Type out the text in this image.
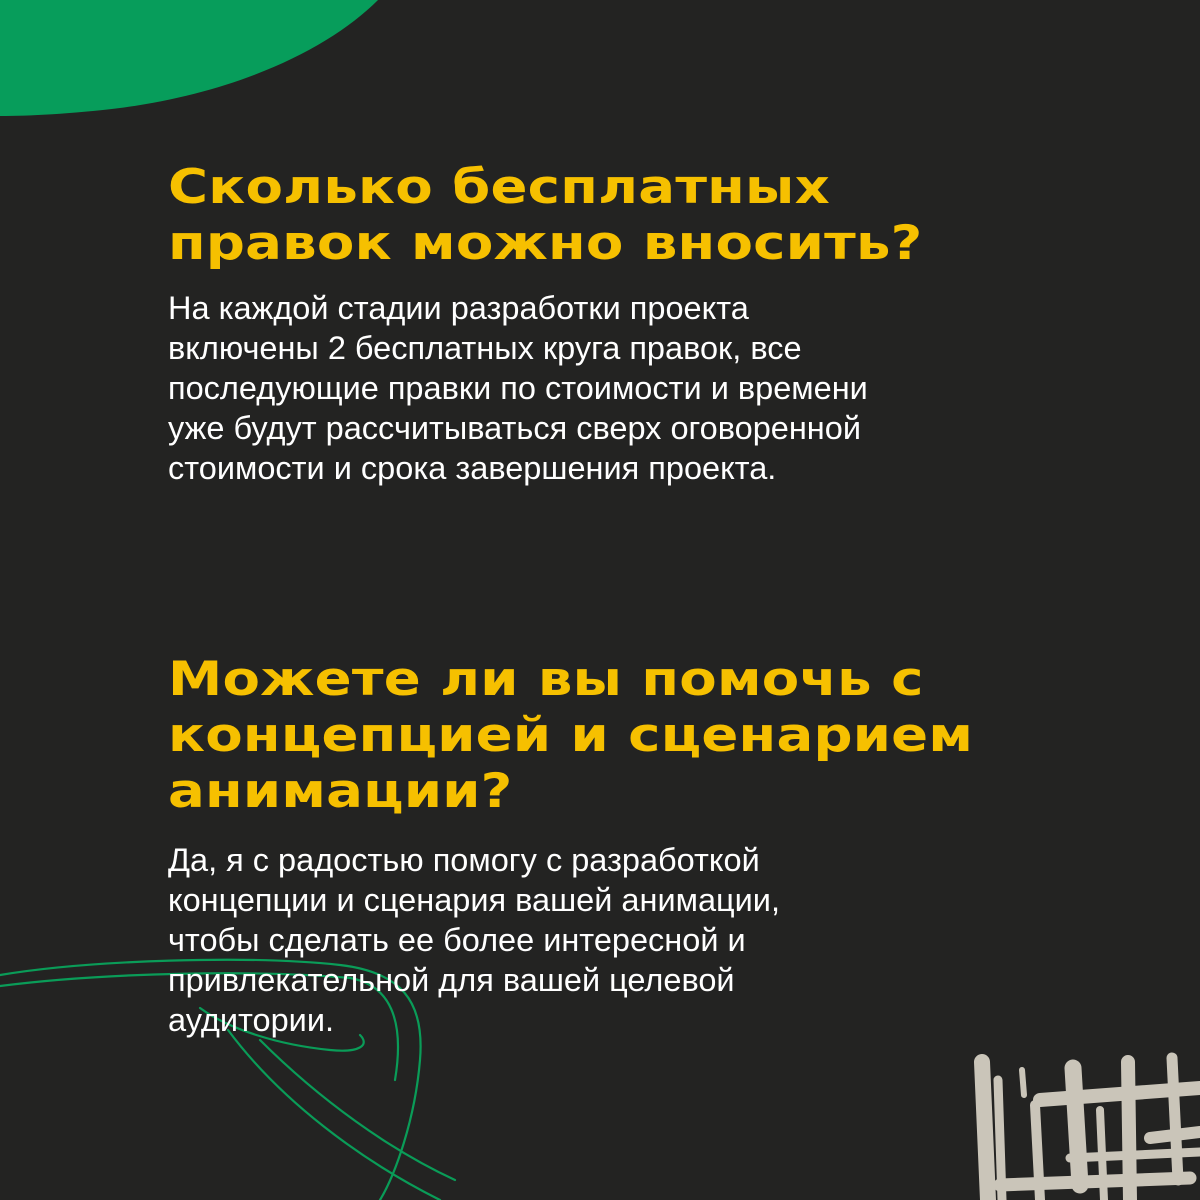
Сколько бесплатных
правок можно вносить?

На каждой стадии разработки проекта
включены 2 бесплатных круга правок, все
последующие правки по стоимости и времени
уже будут рассчитываться сверх оговоренной
стоимости и срока завершения проекта.

Можете ли вы помочь с
концепцией и сценарием
анимации?

Да, я с радостью помогу с разработкой
концепции и сценария вашей анимации,
чтобы сделать ее более интересной и
привлекательной для вашей целевой
аудитории.
